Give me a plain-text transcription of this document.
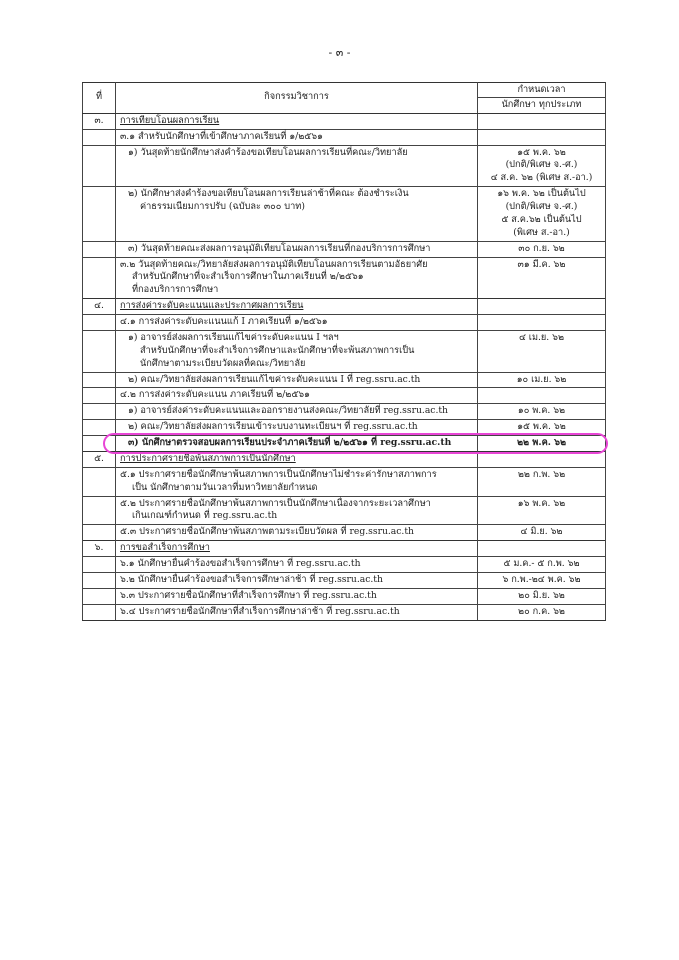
- ๓ -
ที่	กิจกรรมวิชาการ	กำหนดเวลา
นักศึกษา ทุกประเภท

๓.	การเทียบโอนผลการเรียน	
	๓.๑ สำหรับนักศึกษาที่เข้าศึกษาภาคเรียนที่ ๑/๒๕๖๑	
	๑) วันสุดท้ายนักศึกษาส่งคำร้องขอเทียบโอนผลการเรียนที่คณะ/วิทยาลัย	๑๕ พ.ค. ๖๒
(ปกติ/พิเศษ จ.-ศ.)
๔ ส.ค. ๖๒ (พิเศษ ส.-อา.)

	๒) นักศึกษาส่งคำร้องขอเทียบโอนผลการเรียนล่าช้าที่คณะ ต้องชำระเงิน
ค่าธรรมเนียมการปรับ (ฉบับละ ๓๐๐ บาท)	๑๖ พ.ค. ๖๒ เป็นต้นไป
(ปกติ/พิเศษ จ.-ศ.)
๕ ส.ค.๖๒ เป็นต้นไป
(พิเศษ ส.-อา.)

	๓) วันสุดท้ายคณะส่งผลการอนุมัติเทียบโอนผลการเรียนที่กองบริการการศึกษา	๓๐ ก.ย. ๖๒

	๓.๒ วันสุดท้ายคณะ/วิทยาลัยส่งผลการอนุมัติเทียบโอนผลการเรียนตามอัธยาศัย
สำหรับนักศึกษาที่จะสำเร็จการศึกษาในภาคเรียนที่ ๒/๒๕๖๑
ที่กองบริการการศึกษา	๓๑ มี.ค. ๖๒
๔.	การส่งค่าระดับคะแนนและประกาศผลการเรียน	
	๔.๑ การส่งค่าระดับคะแนนแก้ I ภาคเรียนที่ ๑/๒๕๖๑	

	๑) อาจารย์ส่งผลการเรียนแก้ไขค่าระดับคะแนน I ฯลฯ
สำหรับนักศึกษาที่จะสำเร็จการศึกษาและนักศึกษาที่จะพ้นสภาพการเป็น
นักศึกษาตามระเบียบวัดผลที่คณะ/วิทยาลัย	๔ เม.ย. ๖๒
	๒) คณะ/วิทยาลัยส่งผลการเรียนแก้ไขค่าระดับคะแนน I ที่ reg.ssru.ac.th	๑๐ เม.ย. ๖๒
	๔.๒ การส่งค่าระดับคะแนน ภาคเรียนที่ ๒/๒๕๖๑	
	๑) อาจารย์ส่งค่าระดับคะแนนและออกรายงานส่งคณะ/วิทยาลัยที่ reg.ssru.ac.th	๑๐ พ.ค. ๖๒
	๒) คณะ/วิทยาลัยส่งผลการเรียนเข้าระบบงานทะเบียนฯ ที่ reg.ssru.ac.th	๑๕ พ.ค. ๖๒
	๓) นักศึกษาตรวจสอบผลการเรียนประจำภาคเรียนที่ ๒/๒๕๖๑ ที่ reg.ssru.ac.th	๒๒ พ.ค. ๖๒
๕.	การประกาศรายชื่อพ้นสภาพการเป็นนักศึกษา	

	๕.๑ ประกาศรายชื่อนักศึกษาพ้นสภาพการเป็นนักศึกษาไม่ชำระค่ารักษาสภาพการ
เป็น นักศึกษาตามวันเวลาที่มหาวิทยาลัยกำหนด	๒๒ ก.พ. ๖๒

	๕.๒ ประกาศรายชื่อนักศึกษาพ้นสภาพการเป็นนักศึกษาเนื่องจากระยะเวลาศึกษา
เกินเกณฑ์กำหนด ที่ reg.ssru.ac.th	๑๖ พ.ค. ๖๒
	๕.๓ ประกาศรายชื่อนักศึกษาพ้นสภาพตามระเบียบวัดผล ที่ reg.ssru.ac.th	๔ มิ.ย. ๖๒
๖.	การขอสำเร็จการศึกษา	
	๖.๑ นักศึกษายื่นคำร้องขอสำเร็จการศึกษา ที่ reg.ssru.ac.th	๕ ม.ค.- ๕ ก.พ. ๖๒
	๖.๒ นักศึกษายื่นคำร้องขอสำเร็จการศึกษาล่าช้า ที่ reg.ssru.ac.th	๖ ก.พ.-๒๔ พ.ค. ๖๒
	๖.๓ ประกาศรายชื่อนักศึกษาที่สำเร็จการศึกษา ที่ reg.ssru.ac.th	๒๐ มิ.ย. ๖๒
	๖.๔ ประกาศรายชื่อนักศึกษาที่สำเร็จการศึกษาล่าช้า ที่ reg.ssru.ac.th	๒๐ ก.ค. ๖๒
